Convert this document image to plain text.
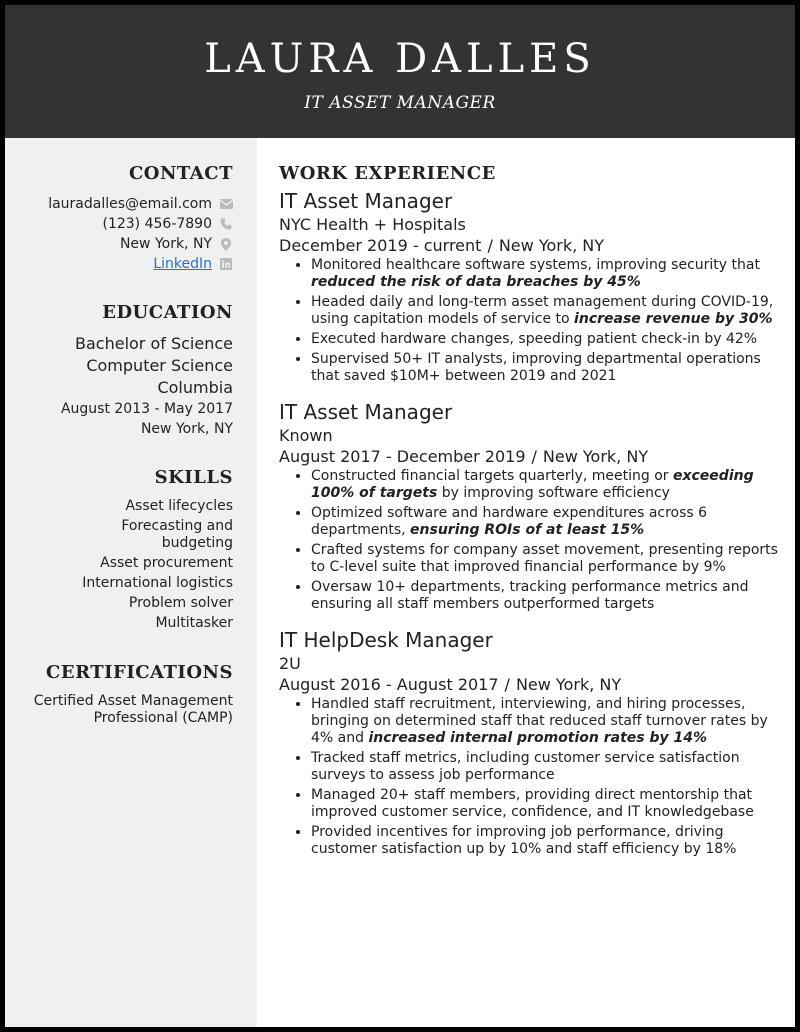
LAURA DALLES
IT ASSET MANAGER
CONTACT
lauradalles@email.com
(123) 456-7890
New York, NY
LinkedIn
EDUCATION
Bachelor of Science
Computer Science
Columbia
August 2013 - May 2017
New York, NY
SKILLS
Asset lifecycles
Forecasting and budgeting
Asset procurement
International logistics
Problem solver
Multitasker
CERTIFICATIONS
Certified Asset Management Professional (CAMP)
WORK EXPERIENCE
IT Asset Manager
NYC Health + Hospitals
December 2019 - current / New York, NY
• Monitored healthcare software systems, improving security that reduced the risk of data breaches by 45%
• Headed daily and long-term asset management during COVID-19, using capitation models of service to increase revenue by 30%
• Executed hardware changes, speeding patient check-in by 42%
• Supervised 50+ IT analysts, improving departmental operations that saved $10M+ between 2019 and 2021
IT Asset Manager
Known
August 2017 - December 2019 / New York, NY
• Constructed financial targets quarterly, meeting or exceeding 100% of targets by improving software efficiency
• Optimized software and hardware expenditures across 6 departments, ensuring ROIs of at least 15%
• Crafted systems for company asset movement, presenting reports to C-level suite that improved financial performance by 9%
• Oversaw 10+ departments, tracking performance metrics and ensuring all staff members outperformed targets
IT HelpDesk Manager
2U
August 2016 - August 2017 / New York, NY
• Handled staff recruitment, interviewing, and hiring processes, bringing on determined staff that reduced staff turnover rates by 4% and increased internal promotion rates by 14%
• Tracked staff metrics, including customer service satisfaction surveys to assess job performance
• Managed 20+ staff members, providing direct mentorship that improved customer service, confidence, and IT knowledgebase
• Provided incentives for improving job performance, driving customer satisfaction up by 10% and staff efficiency by 18%
